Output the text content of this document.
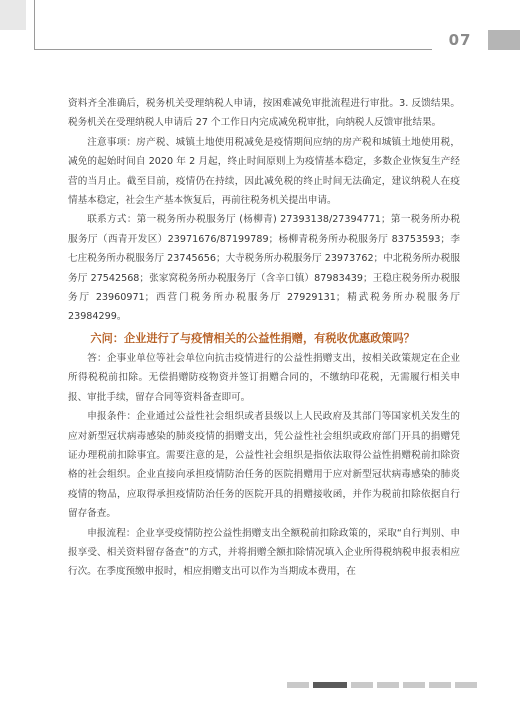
07

资料齐全准确后，税务机关受理纳税人申请，按困难减免审批流程进行审批。3. 反馈结果。税务机关在受理纳税人申请后 27 个工作日内完成减免税审批，向纳税人反馈审批结果。

注意事项：房产税、城镇土地使用税减免是疫情期间应纳的房产税和城镇土地使用税，减免的起始时间自 2020 年 2 月起，终止时间原则上为疫情基本稳定，多数企业恢复生产经营的当月止。截至目前，疫情仍在持续，因此减免税的终止时间无法确定，建议纳税人在疫情基本稳定，社会生产基本恢复后，再前往税务机关提出申请。

联系方式：第一税务所办税服务厅 (杨柳青) 27393138/27394771；第一税务所办税服务厅（西青开发区）23971676/87199789；杨柳青税务所办税服务厅 83753593；李七庄税务所办税服务厅 23745656；大寺税务所办税服务厅 23973762；中北税务所办税服务厅 27542568；张家窝税务所办税服务厅（含辛口镇）87983439；王稳庄税务所办税服务厅 23960971；西营门税务所办税服务厅 27929131；精武税务所办税服务厅 23984299。

六问：企业进行了与疫情相关的公益性捐赠，有税收优惠政策吗？

答：企事业单位等社会单位向抗击疫情进行的公益性捐赠支出，按相关政策规定在企业所得税税前扣除。无偿捐赠防疫物资并签订捐赠合同的，不缴纳印花税，无需履行相关申报、审批手续，留存合同等资料备查即可。

申报条件：企业通过公益性社会组织或者县级以上人民政府及其部门等国家机关发生的应对新型冠状病毒感染的肺炎疫情的捐赠支出，凭公益性社会组织或政府部门开具的捐赠凭证办理税前扣除事宜。需要注意的是，公益性社会组织是指依法取得公益性捐赠税前扣除资格的社会组织。企业直接向承担疫情防治任务的医院捐赠用于应对新型冠状病毒感染的肺炎疫情的物品，应取得承担疫情防治任务的医院开具的捐赠接收函，并作为税前扣除依据自行留存备查。

申报流程：企业享受疫情防控公益性捐赠支出全额税前扣除政策的，采取“自行判别、申报享受、相关资料留存备查”的方式，并将捐赠全额扣除情况填入企业所得税纳税申报表相应行次。在季度预缴申报时，相应捐赠支出可以作为当期成本费用，在
